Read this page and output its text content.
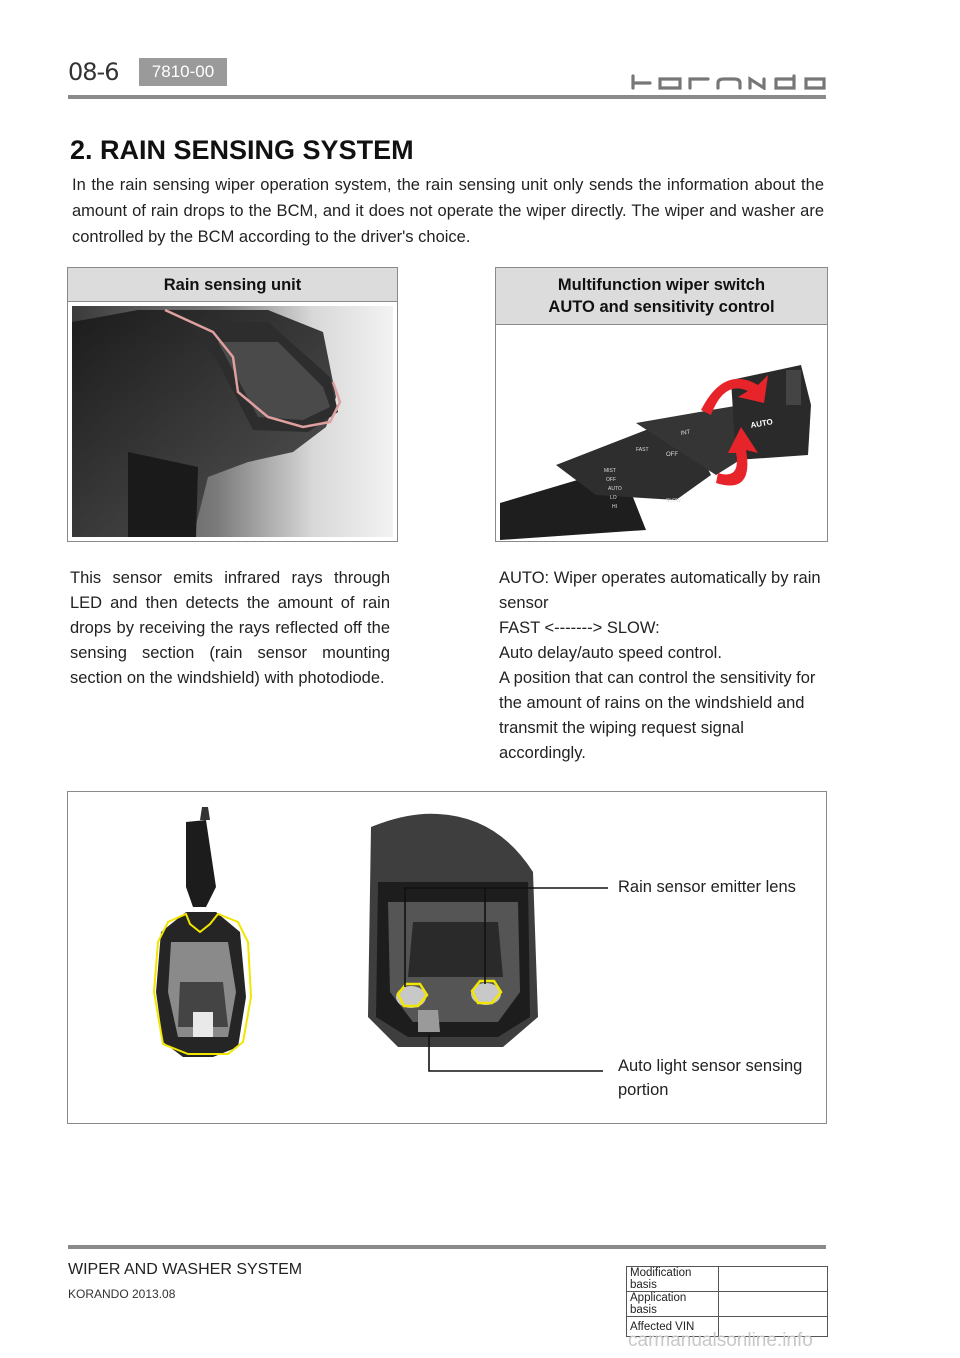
08-6	7810-00
2. RAIN SENSING SYSTEM
In the rain sensing wiper operation system, the rain sensing unit only sends the information about the amount of rain drops to the BCM, and it does not operate the wiper directly. The wiper and washer are controlled by the BCM according to the driver's choice.
Rain sensing unit	Multifunction wiper switch
AUTO and sensitivity control
AUTO
INT
OFF
FAST
MIST
OFF
AUTO
LO
HI
SLOW
This sensor emits infrared rays through LED and then detects the amount of rain drops by receiving the rays reflected off the sensing section (rain sensor mounting section on the windshield) with photodiode.
AUTO: Wiper operates automatically by rain
sensor
FAST <-------> SLOW:
Auto delay/auto speed control.
A position that can control the sensitivity for
the amount of rains on the windshield and
transmit the wiping request signal
accordingly.
Rain sensor emitter lens
Auto light sensor sensing
portion
WIPER AND WASHER SYSTEM
KORANDO 2013.08
Modification basis	
Application basis	
Affected VIN	
carmanualsonline.info
